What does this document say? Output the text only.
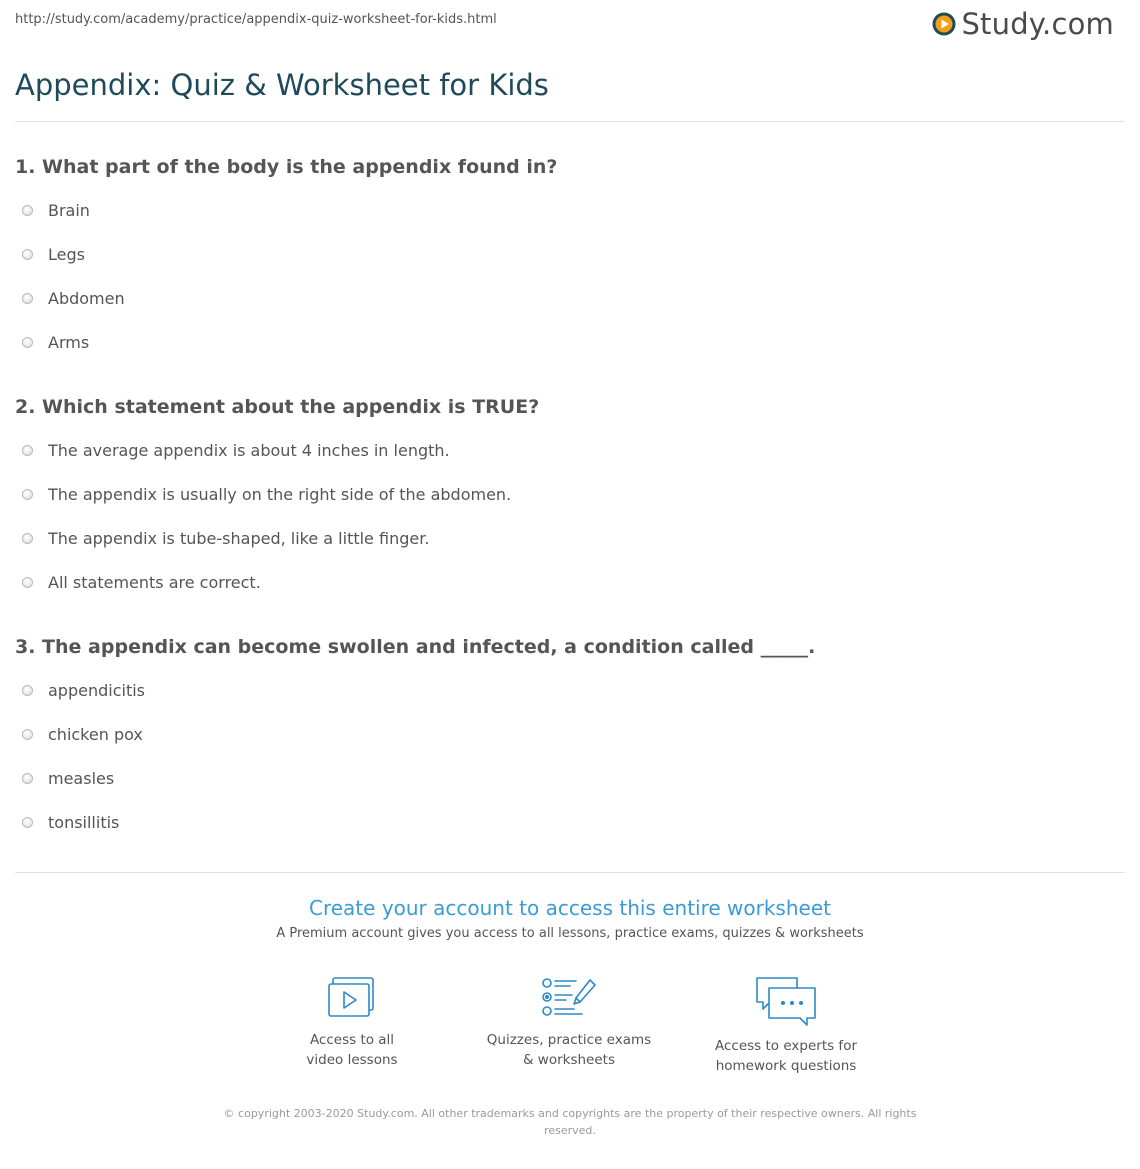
http://study.com/academy/practice/appendix-quiz-worksheet-for-kids.html	Study.com
Appendix: Quiz & Worksheet for Kids
1. What part of the body is the appendix found in?
Brain
Legs
Abdomen
Arms
2. Which statement about the appendix is TRUE?
The average appendix is about 4 inches in length.
The appendix is usually on the right side of the abdomen.
The appendix is tube-shaped, like a little finger.
All statements are correct.
3. The appendix can become swollen and infected, a condition called _____.
appendicitis
chicken pox
measles
tonsillitis
Create your account to access this entire worksheet
A Premium account gives you access to all lessons, practice exams, quizzes & worksheets
Access to all
video lessons
Quizzes, practice exams
& worksheets
Access to experts for
homework questions
© copyright 2003-2020 Study.com. All other trademarks and copyrights are the property of their respective owners. All rights
reserved.
